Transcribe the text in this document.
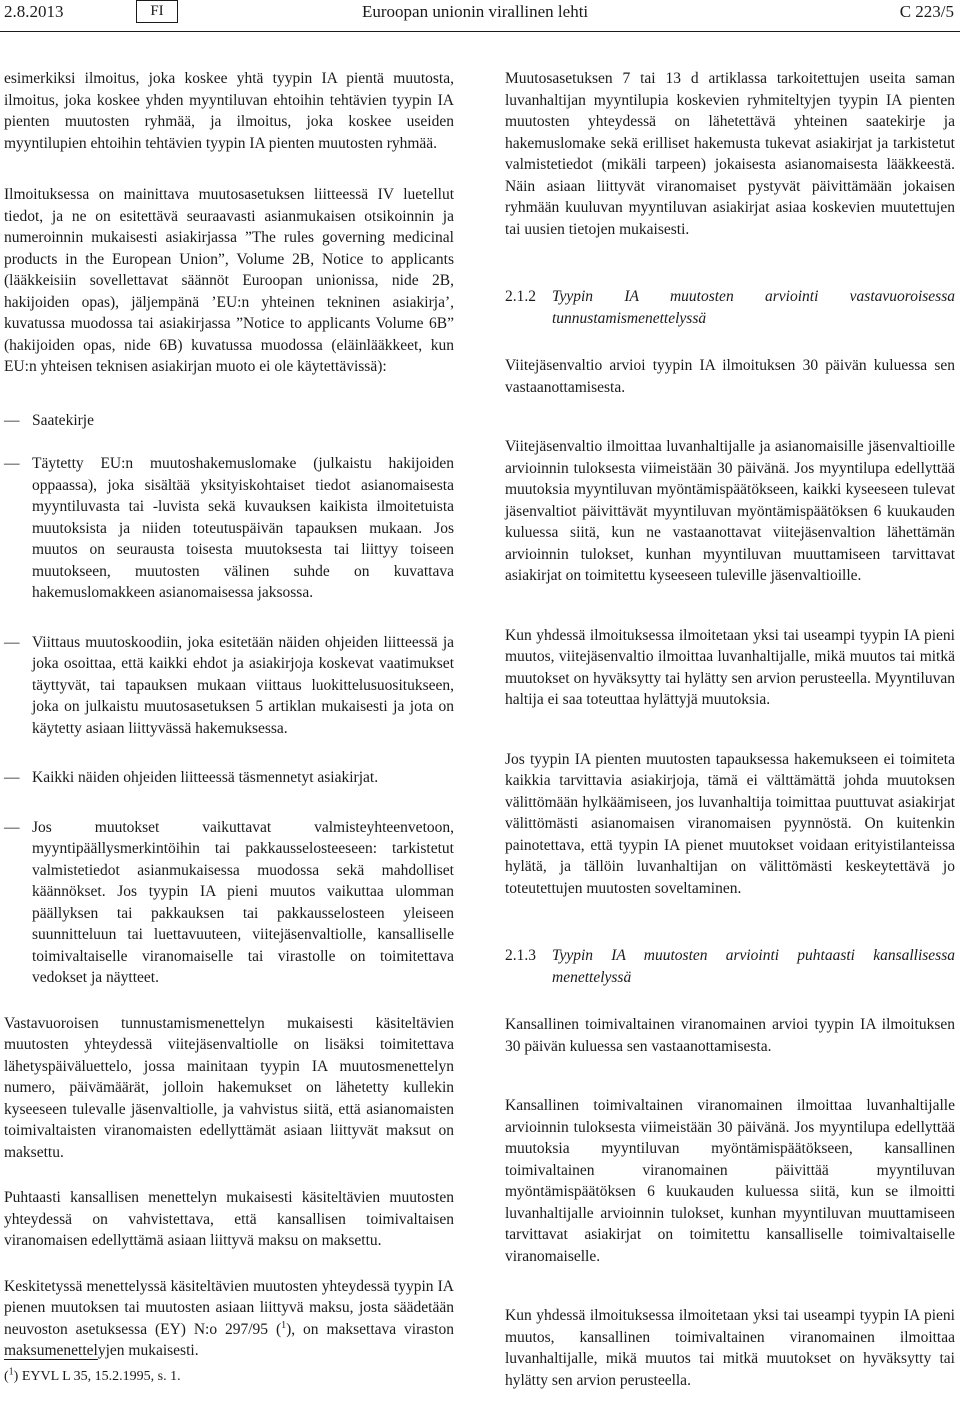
2.8.2013	FI	Euroopan unionin virallinen lehti	C 223/5

esimerkiksi ilmoitus, joka koskee yhtä tyypin IA pientä muutosta, ilmoitus, joka koskee yhden myyntiluvan ehtoihin tehtävien tyypin IA pienten muutosten ryhmää, ja ilmoitus, joka koskee useiden myyntilupien ehtoihin tehtävien tyypin IA pienten muutosten ryhmää.

Ilmoituksessa on mainittava muutosasetuksen liitteessä IV luetellut tiedot, ja ne on esitettävä seuraavasti asianmukaisen otsikoinnin ja numeroinnin mukaisesti asiakirjassa ”The rules governing medicinal products in the European Union”, Volume 2B, Notice to applicants (lääkkeisiin sovellettavat säännöt Euroopan unionissa, nide 2B, hakijoiden opas), jäljempänä ’EU:n yhteinen tekninen asiakirja’, kuvatussa muodossa tai asiakirjassa ”Notice to applicants Volume 6B” (hakijoiden opas, nide 6B) kuvatussa muodossa (eläinlääkkeet, kun EU:n yhteisen teknisen asiakirjan muoto ei ole käytettävissä):

— Saatekirje
— Täytetty EU:n muutoshakemuslomake (julkaistu hakijoiden oppaassa), joka sisältää yksityiskohtaiset tiedot asianomaisesta myyntiluvasta tai -luvista sekä kuvauksen kaikista ilmoitetuista muutoksista ja niiden toteutuspäivän tapauksen mukaan. Jos muutos on seurausta toisesta muutoksesta tai liittyy toiseen muutokseen, muutosten välinen suhde on kuvattava hakemuslomakkeen asianomaisessa jaksossa.
— Viittaus muutoskoodiin, joka esitetään näiden ohjeiden liitteessä ja joka osoittaa, että kaikki ehdot ja asiakirjoja koskevat vaatimukset täyttyvät, tai tapauksen mukaan viittaus luokittelusuositukseen, joka on julkaistu muutosasetuksen 5 artiklan mukaisesti ja jota on käytetty asiaan liittyvässä hakemuksessa.
— Kaikki näiden ohjeiden liitteessä täsmennetyt asiakirjat.
— Jos muutokset vaikuttavat valmisteyhteenvetoon, myyntipäällysmerkintöihin tai pakkausselosteeseen: tarkistetut valmistetiedot asianmukaisessa muodossa sekä mahdolliset käännökset. Jos tyypin IA pieni muutos vaikuttaa ulomman päällyksen tai pakkauksen tai pakkausselosteen yleiseen suunnitteluun tai luettavuuteen, viitejäsenvaltiolle, kansalliselle toimivaltaiselle viranomaiselle tai virastolle on toimitettava vedokset ja näytteet.

Vastavuoroisen tunnustamismenettelyn mukaisesti käsiteltävien muutosten yhteydessä viitejäsenvaltiolle on lisäksi toimitettava lähetyspäiväluettelo, jossa mainitaan tyypin IA muutosmenettelyn numero, päivämäärät, jolloin hakemukset on lähetetty kullekin kyseeseen tulevalle jäsenvaltiolle, ja vahvistus siitä, että asianomaisten toimivaltaisten viranomaisten edellyttämät asiaan liittyvät maksut on maksettu.

Puhtaasti kansallisen menettelyn mukaisesti käsiteltävien muutosten yhteydessä on vahvistettava, että kansallisen toimivaltaisen viranomaisen edellyttämä asiaan liittyvä maksu on maksettu.

Keskitetyssä menettelyssä käsiteltävien muutosten yhteydessä tyypin IA pienen muutoksen tai muutosten asiaan liittyvä maksu, josta säädetään neuvoston asetuksessa (EY) N:o 297/95 ($^1$), on maksettava viraston maksumenettelyjen mukaisesti.

Muutosasetuksen 7 tai 13 d artiklassa tarkoitettujen useita saman luvanhaltijan myyntilupia koskevien ryhmiteltyjen tyypin IA pienten muutosten yhteydessä on lähetettävä yhteinen saatekirje ja hakemuslomake sekä erilliset hakemusta tukevat asiakirjat ja tarkistetut valmistetiedot (mikäli tarpeen) jokaisesta asianomaisesta lääkkeestä. Näin asiaan liittyvät viranomaiset pystyvät päivittämään jokaisen ryhmään kuuluvan myyntiluvan asiakirjat asiaa koskevien muutettujen tai uusien tietojen mukaisesti.

2.1.2 Tyypin IA muutosten arviointi vastavuoroisessa tunnustamismenettelyssä

Viitejäsenvaltio arvioi tyypin IA ilmoituksen 30 päivän kuluessa sen vastaanottamisesta.

Viitejäsenvaltio ilmoittaa luvanhaltijalle ja asianomaisille jäsenvaltioille arvioinnin tuloksesta viimeistään 30 päivänä. Jos myyntilupa edellyttää muutoksia myyntiluvan myöntämispäätökseen, kaikki kyseeseen tulevat jäsenvaltiot päivittävät myyntiluvan myöntämispäätöksen 6 kuukauden kuluessa siitä, kun ne vastaanottavat viitejäsenvaltion lähettämän arvioinnin tulokset, kunhan myyntiluvan muuttamiseen tarvittavat asiakirjat on toimitettu kyseeseen tuleville jäsenvaltioille.

Kun yhdessä ilmoituksessa ilmoitetaan yksi tai useampi tyypin IA pieni muutos, viitejäsenvaltio ilmoittaa luvanhaltijalle, mikä muutos tai mitkä muutokset on hyväksytty tai hylätty sen arvion perusteella. Myyntiluvan haltija ei saa toteuttaa hylättyjä muutoksia.

Jos tyypin IA pienten muutosten tapauksessa hakemukseen ei toimiteta kaikkia tarvittavia asiakirjoja, tämä ei välttämättä johda muutoksen välittömään hylkäämiseen, jos luvanhaltija toimittaa puuttuvat asiakirjat välittömästi asianomaisen viranomaisen pyynnöstä. On kuitenkin painotettava, että tyypin IA pienet muutokset voidaan erityistilanteissa hylätä, ja tällöin luvanhaltijan on välittömästi keskeytettävä jo toteutettujen muutosten soveltaminen.

2.1.3 Tyypin IA muutosten arviointi puhtaasti kansallisessa menettelyssä

Kansallinen toimivaltainen viranomainen arvioi tyypin IA ilmoituksen 30 päivän kuluessa sen vastaanottamisesta.

Kansallinen toimivaltainen viranomainen ilmoittaa luvanhaltijalle arvioinnin tuloksesta viimeistään 30 päivänä. Jos myyntilupa edellyttää muutoksia myyntiluvan myöntämispäätökseen, kansallinen toimivaltainen viranomainen päivittää myyntiluvan myöntämispäätöksen 6 kuukauden kuluessa siitä, kun se ilmoitti luvanhaltijalle arvioinnin tulokset, kunhan myyntiluvan muuttamiseen tarvittavat asiakirjat on toimitettu kansalliselle toimivaltaiselle viranomaiselle.

Kun yhdessä ilmoituksessa ilmoitetaan yksi tai useampi tyypin IA pieni muutos, kansallinen toimivaltainen viranomainen ilmoittaa luvanhaltijalle, mikä muutos tai mitkä muutokset on hyväksytty tai hylätty sen arvion perusteella.

($^1$) EYVL L 35, 15.2.1995, s. 1.
